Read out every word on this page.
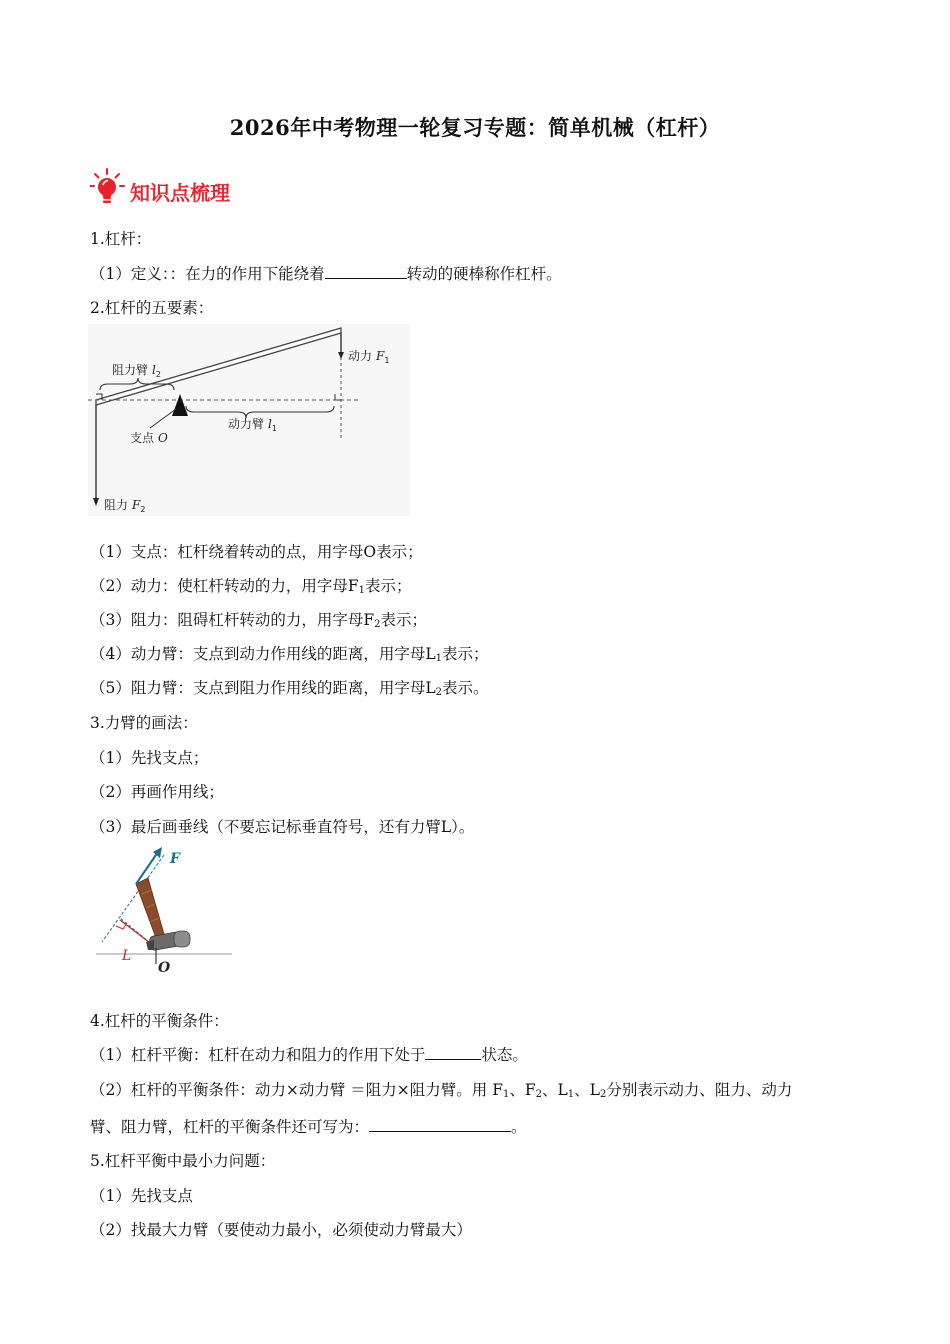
2026年中考物理一轮复习专题：简单机械（杠杆）
知识点梳理
1.杠杆：
（1）定义：：在力的作用下能绕着	转动的硬棒称作杠杆。
2.杠杆的五要素：
阻力臂 $l_2$
动力 $F_1$
动力臂 $l_1$
支点 O
阻力 $F_2$
（1）支点：杠杆绕着转动的点，用字母O表示；
（2）动力：使杠杆转动的力，用字母$F_1$表示；
（3）阻力：阻碍杠杆转动的力，用字母$F_2$表示；
（4）动力臂：支点到动力作用线的距离，用字母$L_1$表示；
（5）阻力臂：支点到阻力作用线的距离，用字母$L_2$表示。
3.力臂的画法：
（1）先找支点；
（2）再画作用线；
（3）最后画垂线（不要忘记标垂直符号，还有力臂L）。
F
L
O
4.杠杆的平衡条件：
（1）杠杆平衡：杠杆在动力和阻力的作用下处于	状态。
（2）杠杆的平衡条件：动力×动力臂 ＝阻力×阻力臂。用 $F_1$、$F_2$、$L_1$、$L_2$分别表示动力、阻力、动力
臂、阻力臂，杠杆的平衡条件还可写为：	。
5.杠杆平衡中最小力问题：
（1）先找支点
（2）找最大力臂（要使动力最小，必须使动力臂最大）
